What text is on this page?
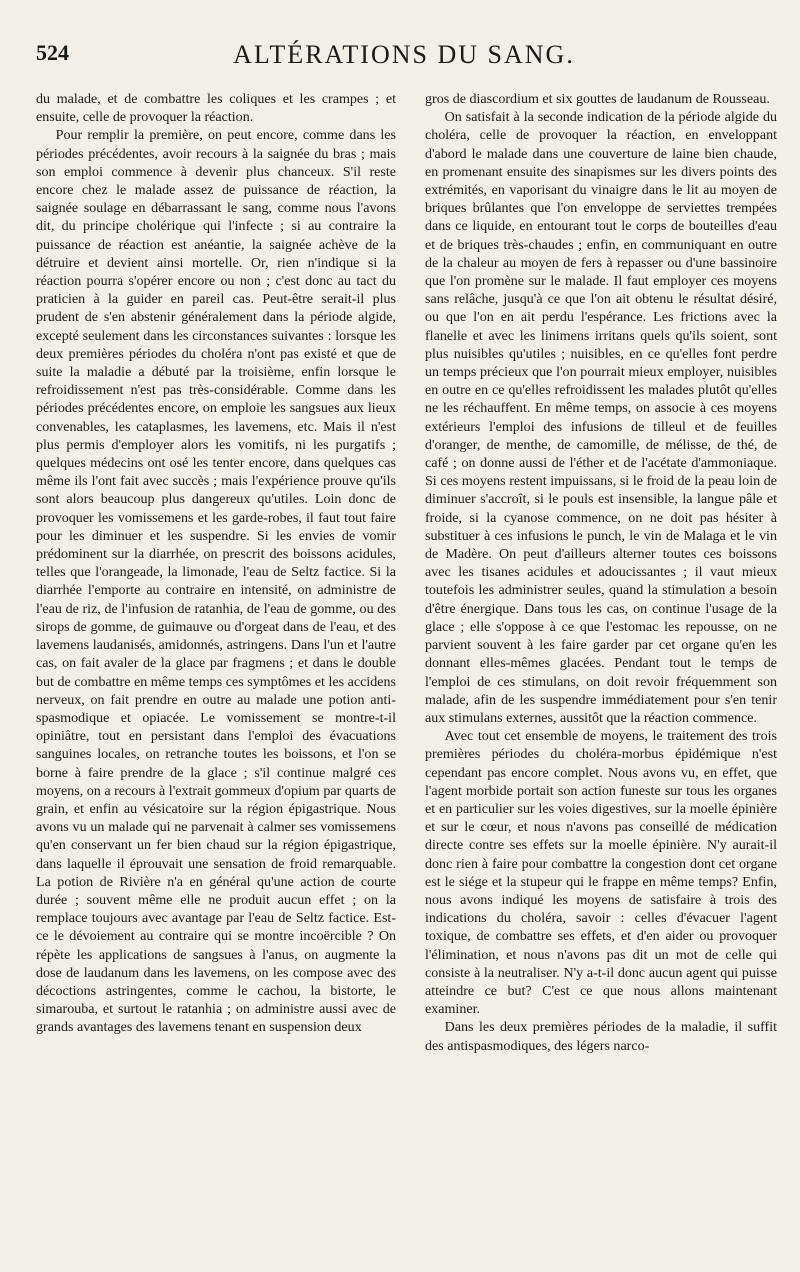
524	ALTÉRATIONS DU SANG.

du malade, et de combattre les coliques et les crampes ; et ensuite, celle de provoquer la réaction.

Pour remplir la première, on peut encore, comme dans les périodes précédentes, avoir recours à la saignée du bras ; mais son emploi commence à devenir plus chanceux. S'il reste encore chez le malade assez de puissance de réaction, la saignée soulage en débarrassant le sang, comme nous l'avons dit, du principe cholérique qui l'infecte ; si au contraire la puissance de réaction est anéantie, la saignée achève de la détruire et devient ainsi mortelle. Or, rien n'indique si la réaction pourra s'opérer encore ou non ; c'est donc au tact du praticien à la guider en pareil cas. Peut-être serait-il plus prudent de s'en abstenir généralement dans la période algide, excepté seulement dans les circonstances suivantes : lorsque les deux premières périodes du choléra n'ont pas existé et que de suite la maladie a débuté par la troisième, enfin lorsque le refroidissement n'est pas très-considérable. Comme dans les périodes précédentes encore, on emploie les sangsues aux lieux convenables, les cataplasmes, les lavemens, etc. Mais il n'est plus permis d'employer alors les vomitifs, ni les purgatifs ; quelques médecins ont osé les tenter encore, dans quelques cas même ils l'ont fait avec succès ; mais l'expérience prouve qu'ils sont alors beaucoup plus dangereux qu'utiles. Loin donc de provoquer les vomissemens et les garde-robes, il faut tout faire pour les diminuer et les suspendre. Si les envies de vomir prédominent sur la diarrhée, on prescrit des boissons acidules, telles que l'orangeade, la limonade, l'eau de Seltz factice. Si la diarrhée l'emporte au contraire en intensité, on administre de l'eau de riz, de l'infusion de ratanhia, de l'eau de gomme, ou des sirops de gomme, de guimauve ou d'orgeat dans de l'eau, et des lavemens laudanisés, amidonnés, astringens. Dans l'un et l'autre cas, on fait avaler de la glace par fragmens ; et dans le double but de combattre en même temps ces symptômes et les accidens nerveux, on fait prendre en outre au malade une potion anti-spasmodique et opiacée. Le vomissement se montre-t-il opiniâtre, tout en persistant dans l'emploi des évacuations sanguines locales, on retranche toutes les boissons, et l'on se borne à faire prendre de la glace ; s'il continue malgré ces moyens, on a recours à l'extrait gommeux d'opium par quarts de grain, et enfin au vésicatoire sur la région épigastrique. Nous avons vu un malade qui ne parvenait à calmer ses vomissemens qu'en conservant un fer bien chaud sur la région épigastrique, dans laquelle il éprouvait une sensation de froid remarquable. La potion de Rivière n'a en général qu'une action de courte durée ; souvent même elle ne produit aucun effet ; on la remplace toujours avec avantage par l'eau de Seltz factice. Est-ce le dévoiement au contraire qui se montre incoërcible ? On répète les applications de sangsues à l'anus, on augmente la dose de laudanum dans les lavemens, on les compose avec des décoctions astringentes, comme le cachou, la bistorte, le simarouba, et surtout le ratanhia ; on administre aussi avec de grands avantages des lavemens tenant en suspension deux

gros de diascordium et six gouttes de laudanum de Rousseau.

On satisfait à la seconde indication de la période algide du choléra, celle de provoquer la réaction, en enveloppant d'abord le malade dans une couverture de laine bien chaude, en promenant ensuite des sinapismes sur les divers points des extrémités, en vaporisant du vinaigre dans le lit au moyen de briques brûlantes que l'on enveloppe de serviettes trempées dans ce liquide, en entourant tout le corps de bouteilles d'eau et de briques très-chaudes ; enfin, en communiquant en outre de la chaleur au moyen de fers à repasser ou d'une bassinoire que l'on promène sur le malade. Il faut employer ces moyens sans relâche, jusqu'à ce que l'on ait obtenu le résultat désiré, ou que l'on en ait perdu l'espérance. Les frictions avec la flanelle et avec les linimens irritans quels qu'ils soient, sont plus nuisibles qu'utiles ; nuisibles, en ce qu'elles font perdre un temps précieux que l'on pourrait mieux employer, nuisibles en outre en ce qu'elles refroidissent les malades plutôt qu'elles ne les réchauffent. En même temps, on associe à ces moyens extérieurs l'emploi des infusions de tilleul et de feuilles d'oranger, de menthe, de camomille, de mélisse, de thé, de café ; on donne aussi de l'éther et de l'acétate d'ammoniaque. Si ces moyens restent impuissans, si le froid de la peau loin de diminuer s'accroît, si le pouls est insensible, la langue pâle et froide, si la cyanose commence, on ne doit pas hésiter à substituer à ces infusions le punch, le vin de Malaga et le vin de Madère. On peut d'ailleurs alterner toutes ces boissons avec les tisanes acidules et adoucissantes ; il vaut mieux toutefois les administrer seules, quand la stimulation a besoin d'être énergique. Dans tous les cas, on continue l'usage de la glace ; elle s'oppose à ce que l'estomac les repousse, on ne parvient souvent à les faire garder par cet organe qu'en les donnant elles-mêmes glacées. Pendant tout le temps de l'emploi de ces stimulans, on doit revoir fréquemment son malade, afin de les suspendre immédiatement pour s'en tenir aux stimulans externes, aussitôt que la réaction commence.

Avec tout cet ensemble de moyens, le traitement des trois premières périodes du choléra-morbus épidémique n'est cependant pas encore complet. Nous avons vu, en effet, que l'agent morbide portait son action funeste sur tous les organes et en particulier sur les voies digestives, sur la moelle épinière et sur le cœur, et nous n'avons pas conseillé de médication directe contre ses effets sur la moelle épinière. N'y aurait-il donc rien à faire pour combattre la congestion dont cet organe est le siége et la stupeur qui le frappe en même temps? Enfin, nous avons indiqué les moyens de satisfaire à trois des indications du choléra, savoir : celles d'évacuer l'agent toxique, de combattre ses effets, et d'en aider ou provoquer l'élimination, et nous n'avons pas dit un mot de celle qui consiste à la neutraliser. N'y a-t-il donc aucun agent qui puisse atteindre ce but? C'est ce que nous allons maintenant examiner.

Dans les deux premières périodes de la maladie, il suffit des antispasmodiques, des légers narco-
